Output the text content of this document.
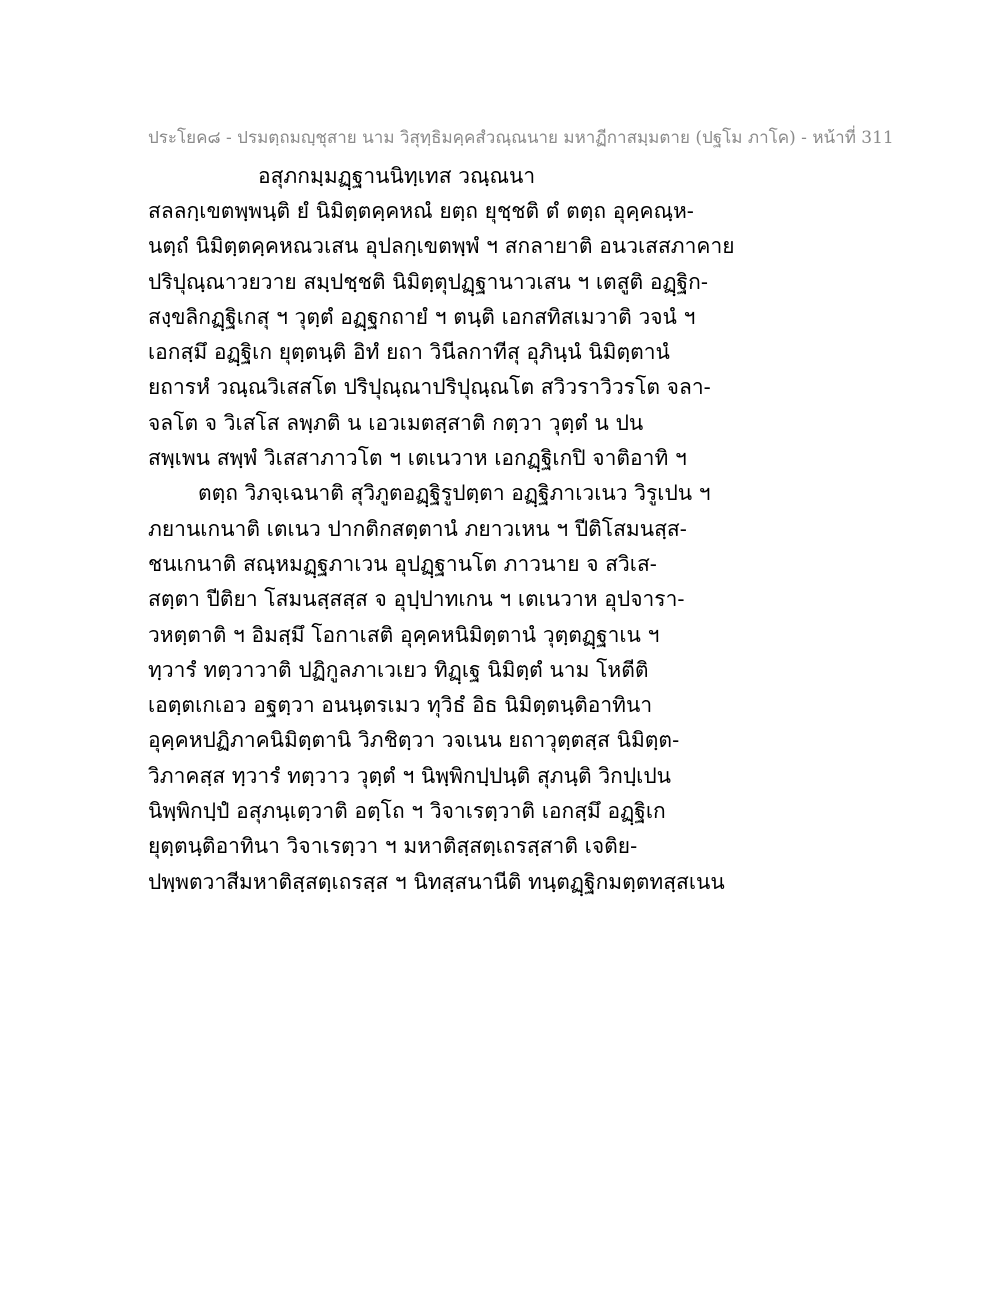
ประโยค๘ - ปรมตฺถมญฺชุสาย นาม วิสุทฺธิมคฺคสํวณฺณนาย มหาฏีกาสมฺมตาย (ปฐโม ภาโค) - หน้าที่ 311
อสุภกมฺมฏฺฐานนิทฺเทส วณฺณนา
สลลกฺเขตพฺพนฺติ ยํ นิมิตฺตคฺคหณํ ยตฺถ ยุชฺชติ ตํ ตตฺถ อุคฺคณฺห-
นตฺถํ นิมิตฺตคฺคหณวเสน อุปลกฺเขตพฺพํ ฯ สกลายาติ อนวเสสภาคาย
ปริปุณฺณาวยวาย สมฺปชฺชติ นิมิตฺตุปฏฺฐานาวเสน ฯ เตสูติ อฏฺฐิก-
สงฺขลิกฏฺฐิเกสุ ฯ วุตฺตํ อฏฺฐกถายํ ฯ ตนฺติ เอกสทิสเมวาติ วจนํ ฯ
เอกสฺมึ อฏฺฐิเก ยุตฺตนฺติ อิทํ ยถา วินีลกาทีสุ อุภินฺนํ นิมิตฺตานํ
ยถารหํ วณฺณวิเสสโต ปริปุณฺณาปริปุณฺณโต สวิวราวิวรโต จลา-
จลโต จ วิเสโส ลพฺภติ น เอวเมตสฺสาติ กตฺวา วุตฺตํ น ปน
สพฺเพน สพฺพํ วิเสสาภาวโต ฯ เตเนวาห เอกฏฺฐิเกปิ จาติอาทิ ฯ
ตตฺถ วิภจฺเฉนาติ สุวิภูตอฏฺฐิรูปตฺตา อฏฺฐิภาเวเนว วิรูเปน ฯ
ภยานเกนาติ เตเนว ปากติกสตฺตานํ ภยาวเหน ฯ ปีติโสมนสฺส-
ชนเกนาติ สณฺหมฏฺฐภาเวน อุปฏฺฐานโต ภาวนาย จ สวิเส-
สตฺตา ปีติยา โสมนสฺสสฺส จ อุปฺปาทเกน ฯ เตเนวาห อุปจารา-
วหตฺตาติ ฯ อิมสฺมึ โอกาเสติ อุคฺคหนิมิตฺตานํ วุตฺตฏฺฐาเน ฯ
ทฺวารํ ทตฺวาวาติ ปฏิกูลภาเวเยว ทิฏฺเฐ นิมิตฺตํ นาม โหตีติ
เอตฺตเกเอว อฐตฺวา อนนฺตรเมว ทุวิธํ อิธ นิมิตฺตนฺติอาทินา
อุคฺคหปฏิภาคนิมิตฺตานิ วิภชิตฺวา วจเนน ยถาวุตฺตสฺส นิมิตฺต-
วิภาคสฺส ทฺวารํ ทตฺวาว วุตฺตํ ฯ นิพฺพิกปฺปนฺติ สุภนฺติ วิกปฺเปน
นิพฺพิกปฺปํ อสุภนฺเตฺวาติ อตฺโถ ฯ วิจาเรตฺวาติ เอกสฺมึ อฏฺฐิเก
ยุตฺตนฺติอาทินา วิจาเรตฺวา ฯ มหาติสฺสตฺเถรสฺสาติ เจติย-
ปพฺพตวาสีมหาติสฺสตฺเถรสฺส ฯ นิทสฺสนานีติ ทนฺตฏฺฐิกมตฺตทสฺสเนน
